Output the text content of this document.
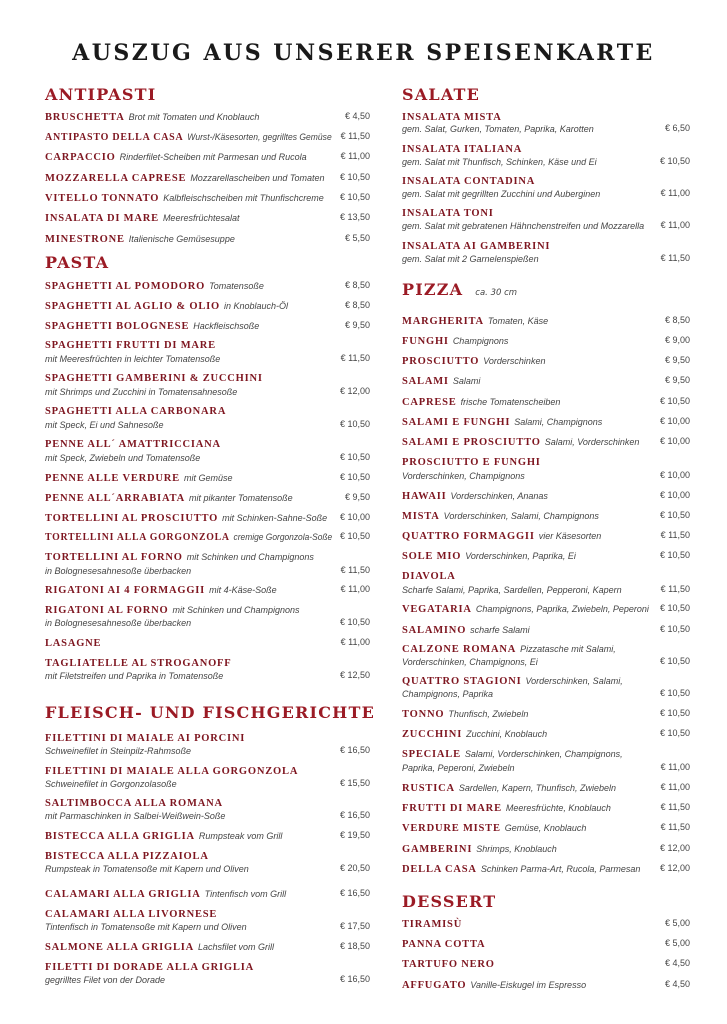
AUSZUG AUS UNSERER SPEISENKARTE
ANTIPASTI
BRUSCHETTA Brot mit Tomaten und Knoblauch	€ 4,50
ANTIPASTO DELLA CASA Wurst-/Käsesorten, gegrilltes Gemüse € 11,50
CARPACCIO Rinderfilet-Scheiben mit Parmesan und Rucola	€ 11,00
MOZZARELLA CAPRESE Mozzarellascheiben und Tomaten € 10,50
VITELLO TONNATO Kalbfleischscheiben mit Thunfischcreme € 10,50
INSALATA DI MARE Meeresfrüchtesalat	€ 13,50
MINESTRONE Italienische Gemüsesuppe	€ 5,50
PASTA
SPAGHETTI AL POMODORO Tomatensoße	€ 8,50
SPAGHETTI AL AGLIO & OLIO in Knoblauch-Öl	€ 8,50
SPAGHETTI BOLOGNESE Hackfleischsoße	€ 9,50
SPAGHETTI FRUTTI DI MARE
mit Meeresfrüchten in leichter Tomatensoße	€ 11,50
SPAGHETTI GAMBERINI & ZUCCHINI
mit Shrimps und Zucchini in Tomatensahnesoße	€ 12,00
SPAGHETTI ALLA CARBONARA
mit Speck, Ei und Sahnesoße	€ 10,50
PENNE ALL´ AMATTRICCIANA
mit Speck, Zwiebeln und Tomatensoße	€ 10,50
PENNE ALLE VERDURE mit Gemüse	€ 10,50
PENNE ALL´ARRABIATA mit pikanter Tomatensoße	€ 9,50
TORTELLINI AL PROSCIUTTO mit Schinken-Sahne-Soße € 10,00
TORTELLINI ALLA GORGONZOLA cremige Gorgonzola-Soße € 10,50
TORTELLINI AL FORNO mit Schinken und Champignons
in Bolognesesahnesoße überbacken	€ 11,50
RIGATONI AI 4 FORMAGGII mit 4-Käse-Soße	€ 11,00
RIGATONI AL FORNO mit Schinken und Champignons
in Bolognesesahnesoße überbacken	€ 10,50
LASAGNE	€ 11,00
TAGLIATELLE AL STROGANOFF
mit Filetstreifen und Paprika in Tomatensoße	€ 12,50
FLEISCH- UND FISCHGERICHTE
FILETTINI DI MAIALE AI PORCINI
Schweinefilet in Steinpilz-Rahmsoße	€ 16,50
FILETTINI DI MAIALE ALLA GORGONZOLA
Schweinefilet in Gorgonzolasoße	€ 15,50
SALTIMBOCCA ALLA ROMANA
mit Parmaschinken in Salbei-Weißwein-Soße	€ 16,50
BISTECCA ALLA GRIGLIA Rumpsteak vom Grill	€ 19,50
BISTECCA ALLA PIZZAIOLA
Rumpsteak in Tomatensoße mit Kapern und Oliven	€ 20,50
CALAMARI ALLA GRIGLIA Tintenfisch vom Grill	€ 16,50
CALAMARI ALLA LIVORNESE
Tintenfisch in Tomatensoße mit Kapern und Oliven	€ 17,50
SALMONE ALLA GRIGLIA Lachsfilet vom Grill	€ 18,50
FILETTI DI DORADE ALLA GRIGLIA
gegrilltes Filet von der Dorade	€ 16,50
SALATE
INSALATA MISTA
gem. Salat, Gurken, Tomaten, Paprika, Karotten	€ 6,50
INSALATA ITALIANA
gem. Salat mit Thunfisch, Schinken, Käse und Ei	€ 10,50
INSALATA CONTADINA
gem. Salat mit gegrillten Zucchini und Auberginen	€ 11,00
INSALATA TONI
gem. Salat mit gebratenen Hähnchenstreifen und Mozzarella € 11,00
INSALATA AI GAMBERINI
gem. Salat mit 2 Garnelenspießen	€ 11,50
PIZZA ca. 30 cm
MARGHERITA Tomaten, Käse	€ 8,50
FUNGHI Champignons	€ 9,00
PROSCIUTTO Vorderschinken	€ 9,50
SALAMI Salami	€ 9,50
CAPRESE frische Tomatenscheiben	€ 10,50
SALAMI E FUNGHI Salami, Champignons	€ 10,00
SALAMI E PROSCIUTTO Salami, Vorderschinken € 10,00
PROSCIUTTO E FUNGHI
Vorderschinken, Champignons	€ 10,00
HAWAII Vorderschinken, Ananas	€ 10,00
MISTA Vorderschinken, Salami, Champignons	€ 10,50
QUATTRO FORMAGGII vier Käsesorten	€ 11,50
SOLE MIO Vorderschinken, Paprika, Ei	€ 10,50
DIAVOLA
Scharfe Salami, Paprika, Sardellen, Pepperoni, Kapern	€ 11,50
VEGATARIA Champignons, Paprika, Zwiebeln, Peperoni € 10,50
SALAMINO scharfe Salami	€ 10,50
CALZONE ROMANA Pizzatasche mit Salami,
Vorderschinken, Champignons, Ei	€ 10,50
QUATTRO STAGIONI Vorderschinken, Salami,
Champignons, Paprika	€ 10,50
TONNO Thunfisch, Zwiebeln	€ 10,50
ZUCCHINI Zucchini, Knoblauch	€ 10,50
SPECIALE Salami, Vorderschinken, Champignons,
Paprika, Peperoni, Zwiebeln	€ 11,00
RUSTICA Sardellen, Kapern, Thunfisch, Zwiebeln	€ 11,00
FRUTTI DI MARE Meeresfrüchte, Knoblauch	€ 11,50
VERDURE MISTE Gemüse, Knoblauch	€ 11,50
GAMBERINI Shrimps, Knoblauch	€ 12,00
DELLA CASA Schinken Parma-Art, Rucola, Parmesan € 12,00
DESSERT
TIRAMISÙ	€ 5,00
PANNA COTTA	€ 5,00
TARTUFO NERO	€ 4,50
AFFUGATO Vanille-Eiskugel im Espresso	€ 4,50
